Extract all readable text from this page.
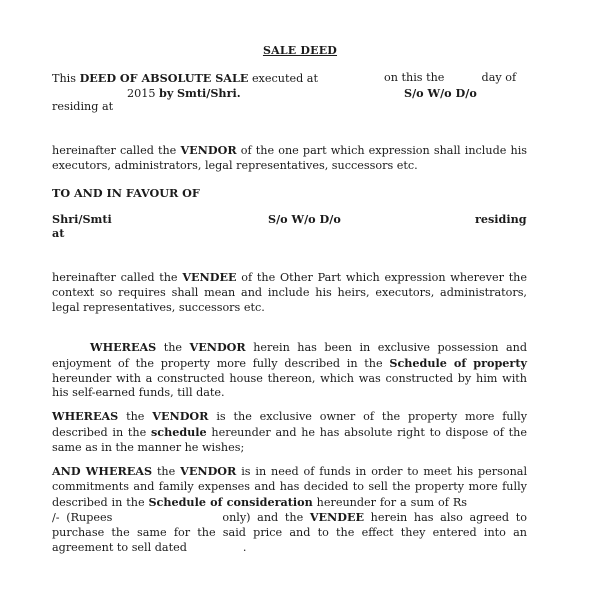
SALE DEED
This DEED OF ABSOLUTE SALE executed at	on this the	day of
2015 by Smti/Shri.	S/o W/o D/o
residing at

hereinafter called the VENDOR of the one part which expression shall include his executors, administrators, legal representatives, successors etc.

TO AND IN FAVOUR OF
Shri/Smti	S/o W/o D/o	residing
at

hereinafter called the VENDEE of the Other Part which expression wherever the context so requires shall mean and include his heirs, executors, administrators, legal representatives, successors etc.

WHEREAS the VENDOR herein has been in exclusive possession and enjoyment of the property more fully described in the Schedule of property hereunder with a constructed house thereon, which was constructed by him with his self-earned funds, till date.

WHEREAS the VENDOR is the exclusive owner of the property more fully described in the schedule hereunder and he has absolute right to dispose of the same as in the manner he wishes;

AND WHEREAS the VENDOR is in need of funds in order to meet his personal commitments and family expenses and has decided to sell the property more fully described in the Schedule of consideration hereunder for a sum of Rs/- (Rupees	only) and the VENDEE herein has also agreed to purchase the same for the said price and to the effect they entered into an agreement to sell dated	.
